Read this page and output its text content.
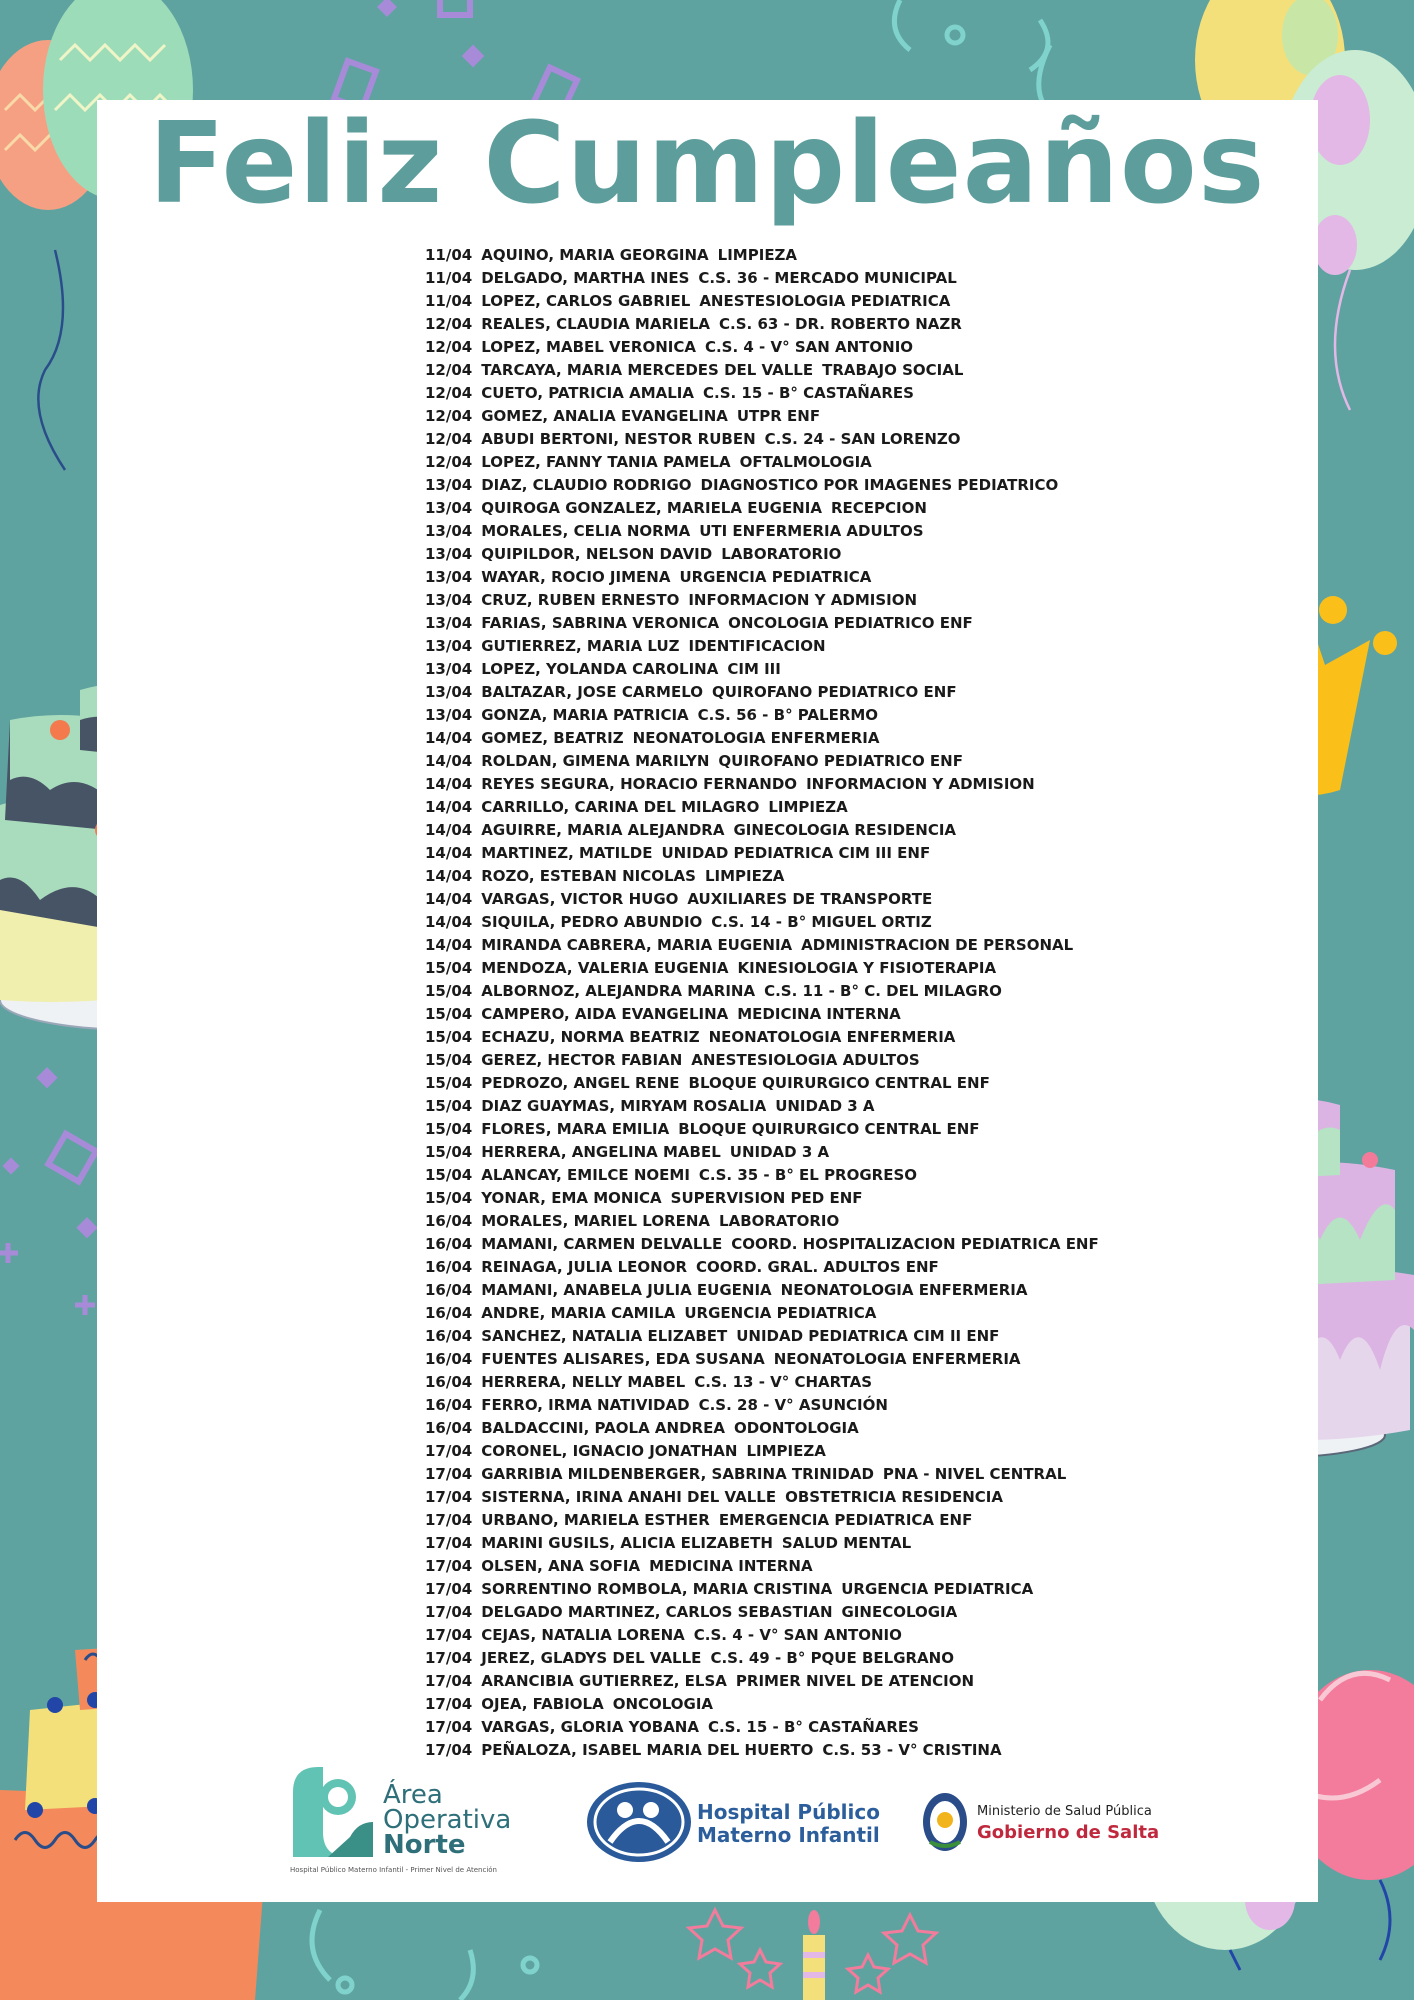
Feliz Cumpleaños
11/04 AQUINO, MARIA GEORGINA LIMPIEZA
11/04 DELGADO, MARTHA INES C.S. 36 - MERCADO MUNICIPAL
11/04 LOPEZ, CARLOS GABRIEL ANESTESIOLOGIA PEDIATRICA
12/04 REALES, CLAUDIA MARIELA C.S. 63 - DR. ROBERTO NAZR
12/04 LOPEZ, MABEL VERONICA C.S. 4 - V° SAN ANTONIO
12/04 TARCAYA, MARIA MERCEDES DEL VALLE TRABAJO SOCIAL
12/04 CUETO, PATRICIA AMALIA C.S. 15 - B° CASTAÑARES
12/04 GOMEZ, ANALIA EVANGELINA UTPR ENF
12/04 ABUDI BERTONI, NESTOR RUBEN C.S. 24 - SAN LORENZO
12/04 LOPEZ, FANNY TANIA PAMELA OFTALMOLOGIA
13/04 DIAZ, CLAUDIO RODRIGO DIAGNOSTICO POR IMAGENES PEDIATRICO
13/04 QUIROGA GONZALEZ, MARIELA EUGENIA RECEPCION
13/04 MORALES, CELIA NORMA UTI ENFERMERIA ADULTOS
13/04 QUIPILDOR, NELSON DAVID LABORATORIO
13/04 WAYAR, ROCIO JIMENA URGENCIA PEDIATRICA
13/04 CRUZ, RUBEN ERNESTO INFORMACION Y ADMISION
13/04 FARIAS, SABRINA VERONICA ONCOLOGIA PEDIATRICO ENF
13/04 GUTIERREZ, MARIA LUZ IDENTIFICACION
13/04 LOPEZ, YOLANDA CAROLINA CIM III
13/04 BALTAZAR, JOSE CARMELO QUIROFANO PEDIATRICO ENF
13/04 GONZA, MARIA PATRICIA C.S. 56 - B° PALERMO
14/04 GOMEZ, BEATRIZ NEONATOLOGIA ENFERMERIA
14/04 ROLDAN, GIMENA MARILYN QUIROFANO PEDIATRICO ENF
14/04 REYES SEGURA, HORACIO FERNANDO INFORMACION Y ADMISION
14/04 CARRILLO, CARINA DEL MILAGRO LIMPIEZA
14/04 AGUIRRE, MARIA ALEJANDRA GINECOLOGIA RESIDENCIA
14/04 MARTINEZ, MATILDE UNIDAD PEDIATRICA CIM III ENF
14/04 ROZO, ESTEBAN NICOLAS LIMPIEZA
14/04 VARGAS, VICTOR HUGO AUXILIARES DE TRANSPORTE
14/04 SIQUILA, PEDRO ABUNDIO C.S. 14 - B° MIGUEL ORTIZ
14/04 MIRANDA CABRERA, MARIA EUGENIA ADMINISTRACION DE PERSONAL
15/04 MENDOZA, VALERIA EUGENIA KINESIOLOGIA Y FISIOTERAPIA
15/04 ALBORNOZ, ALEJANDRA MARINA C.S. 11 - B° C. DEL MILAGRO
15/04 CAMPERO, AIDA EVANGELINA MEDICINA INTERNA
15/04 ECHAZU, NORMA BEATRIZ NEONATOLOGIA ENFERMERIA
15/04 GEREZ, HECTOR FABIAN ANESTESIOLOGIA ADULTOS
15/04 PEDROZO, ANGEL RENE BLOQUE QUIRURGICO CENTRAL ENF
15/04 DIAZ GUAYMAS, MIRYAM ROSALIA UNIDAD 3 A
15/04 FLORES, MARA EMILIA BLOQUE QUIRURGICO CENTRAL ENF
15/04 HERRERA, ANGELINA MABEL UNIDAD 3 A
15/04 ALANCAY, EMILCE NOEMI C.S. 35 - B° EL PROGRESO
15/04 YONAR, EMA MONICA SUPERVISION PED ENF
16/04 MORALES, MARIEL LORENA LABORATORIO
16/04 MAMANI, CARMEN DELVALLE COORD. HOSPITALIZACION PEDIATRICA ENF
16/04 REINAGA, JULIA LEONOR COORD. GRAL. ADULTOS ENF
16/04 MAMANI, ANABELA JULIA EUGENIA NEONATOLOGIA ENFERMERIA
16/04 ANDRE, MARIA CAMILA URGENCIA PEDIATRICA
16/04 SANCHEZ, NATALIA ELIZABET UNIDAD PEDIATRICA CIM II ENF
16/04 FUENTES ALISARES, EDA SUSANA NEONATOLOGIA ENFERMERIA
16/04 HERRERA, NELLY MABEL C.S. 13 - V° CHARTAS
16/04 FERRO, IRMA NATIVIDAD C.S. 28 - V° ASUNCIÓN
16/04 BALDACCINI, PAOLA ANDREA ODONTOLOGIA
17/04 CORONEL, IGNACIO JONATHAN LIMPIEZA
17/04 GARRIBIA MILDENBERGER, SABRINA TRINIDAD PNA - NIVEL CENTRAL
17/04 SISTERNA, IRINA ANAHI DEL VALLE OBSTETRICIA RESIDENCIA
17/04 URBANO, MARIELA ESTHER EMERGENCIA PEDIATRICA ENF
17/04 MARINI GUSILS, ALICIA ELIZABETH SALUD MENTAL
17/04 OLSEN, ANA SOFIA MEDICINA INTERNA
17/04 SORRENTINO ROMBOLA, MARIA CRISTINA URGENCIA PEDIATRICA
17/04 DELGADO MARTINEZ, CARLOS SEBASTIAN GINECOLOGIA
17/04 CEJAS, NATALIA LORENA C.S. 4 - V° SAN ANTONIO
17/04 JEREZ, GLADYS DEL VALLE C.S. 49 - B° PQUE BELGRANO
17/04 ARANCIBIA GUTIERREZ, ELSA PRIMER NIVEL DE ATENCION
17/04 OJEA, FABIOLA ONCOLOGIA
17/04 VARGAS, GLORIA YOBANA C.S. 15 - B° CASTAÑARES
17/04 PEÑALOZA, ISABEL MARIA DEL HUERTO C.S. 53 - V° CRISTINA
Área
Operativa
Norte
Hospital Público Materno Infantil - Primer Nivel de Atención
Hospital Público
Materno Infantil
Ministerio de Salud Pública
Gobierno de Salta
